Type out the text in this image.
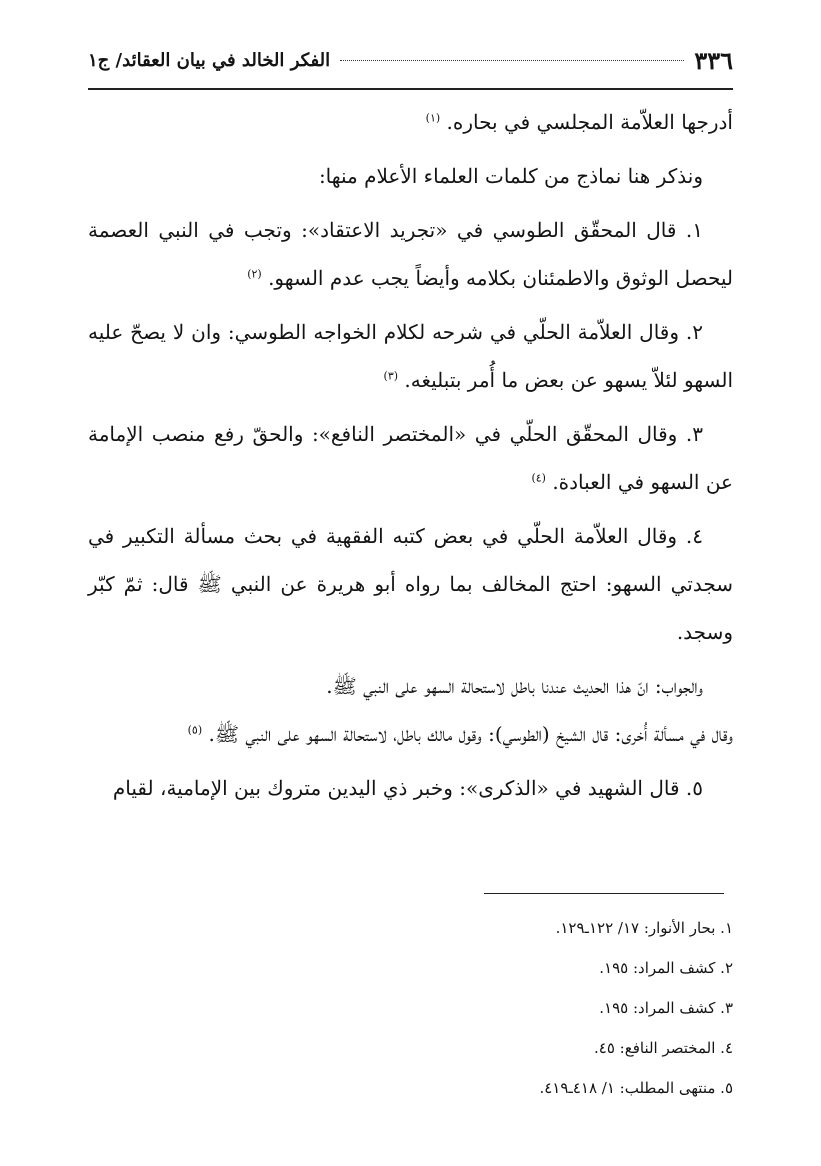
٣٣٦
الفكر الخالد في بيان العقائد/ ج١

أدرجها العلاّمة المجلسي في بحاره. $^{(١)}$

ونذكر هنا نماذج من كلمات العلماء الأعلام منها:

١. قال المحقّق الطوسي في «تجريد الاعتقاد»: وتجب في النبي العصمة ليحصل الوثوق والاطمئنان بكلامه وأيضاً يجب عدم السهو. $^{(٢)}$

٢. وقال العلاّمة الحلّي في شرحه لكلام الخواجه الطوسي: وان لا يصحّ عليه السهو لئلاّ يسهو عن بعض ما أُمر بتبليغه. $^{(٣)}$

٣. وقال المحقّق الحلّي في «المختصر النافع»: والحقّ رفع منصب الإمامة عن السهو في العبادة. $^{(٤)}$

٤. وقال العلاّمة الحلّي في بعض كتبه الفقهية في بحث مسألة التكبير في سجدتي السهو: احتج المخالف بما رواه أبو هريرة عن النبي ﷺ قال: ثمّ كبّر وسجد.

والجواب: انّ هذا الحديث عندنا باطل لاستحالة السهو على النبي ﷺ.

وقال في مسألة أُخرى: قال الشيخ (الطوسي): وقول مالك باطل، لاستحالة السهو على النبي ﷺ. $^{(٥)}$

٥. قال الشهيد في «الذكرى»: وخبر ذي اليدين متروك بين الإمامية، لقيام

١. بحار الأنوار: ١٧/ ١٢٢ـ١٢٩.

٢. كشف المراد: ١٩٥.

٣. كشف المراد: ١٩٥.

٤. المختصر النافع: ٤٥.

٥. منتهى المطلب: ١/ ٤١٨ـ٤١٩.
